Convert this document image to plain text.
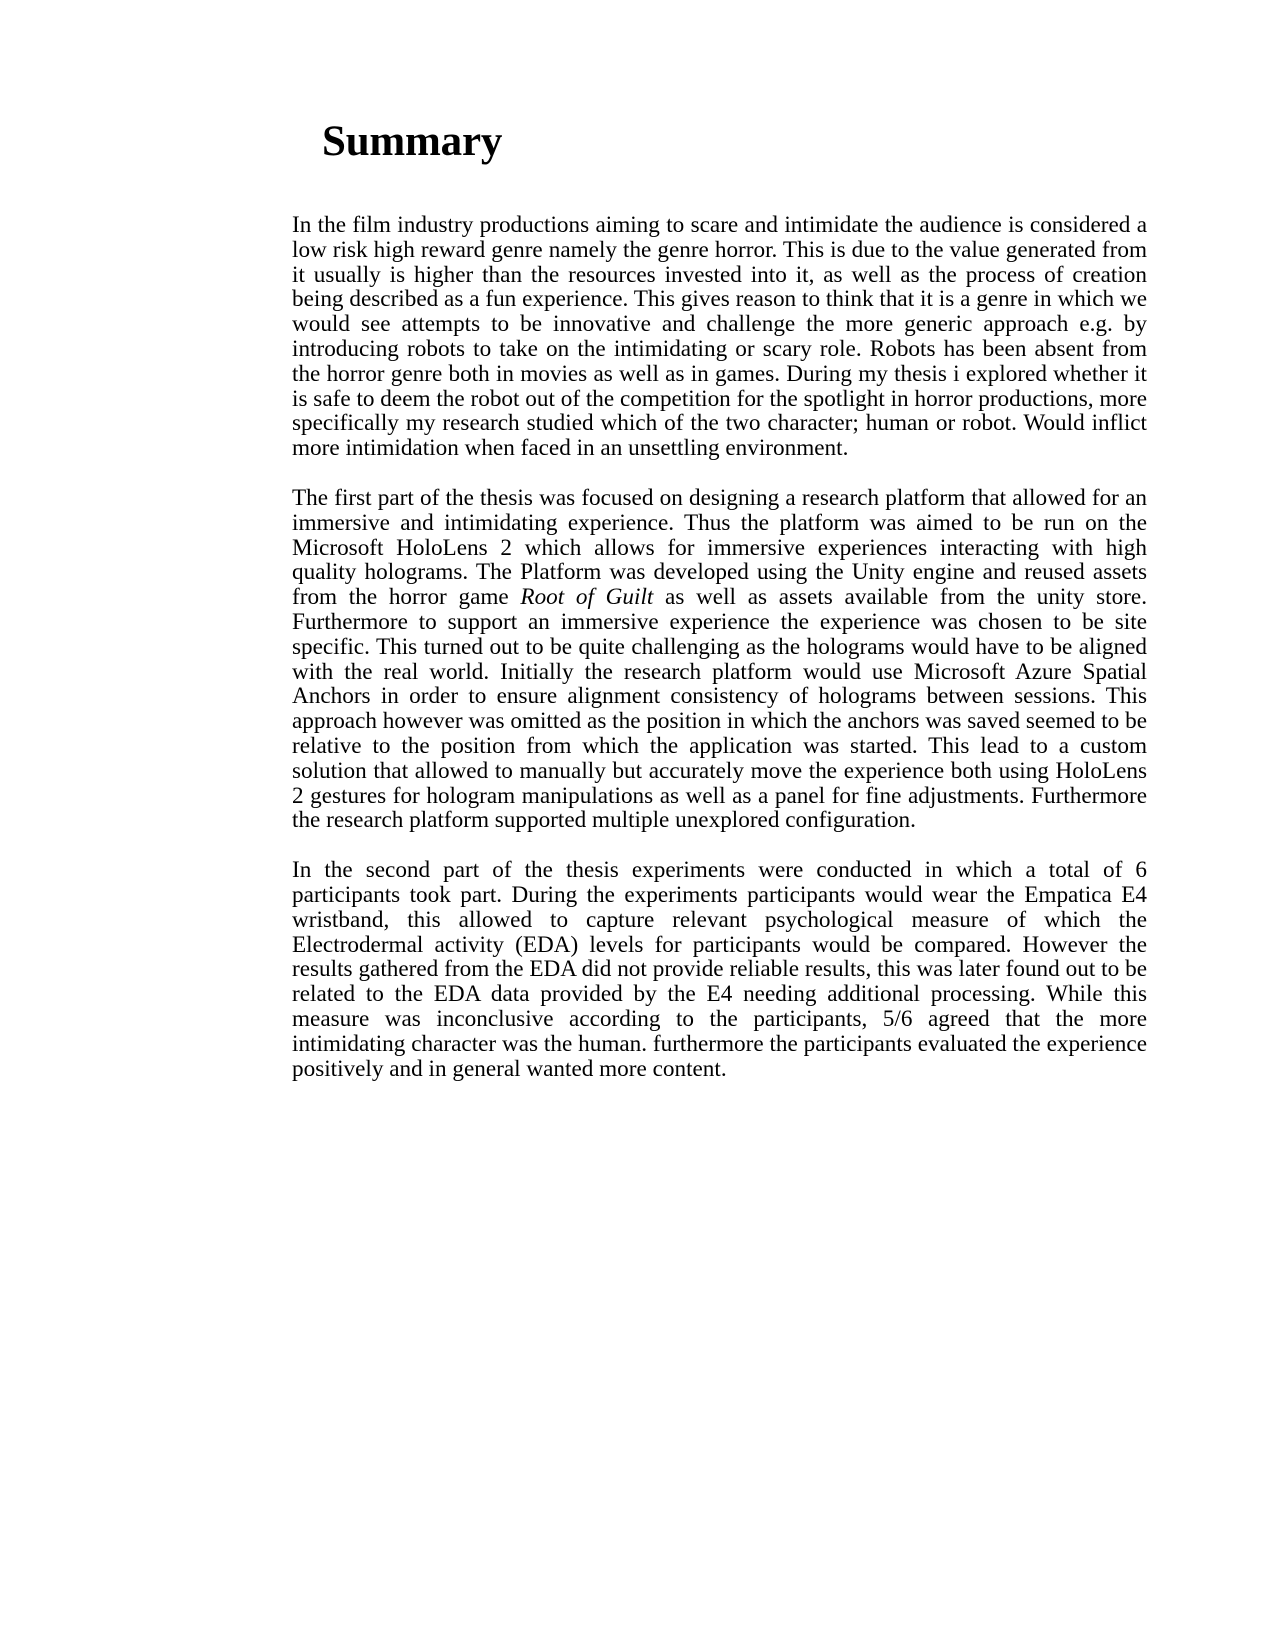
Summary

In the film industry productions aiming to scare and intimidate the audience is considered a low risk high reward genre namely the genre horror. This is due to the value generated from it usually is higher than the resources invested into it, as well as the process of creation being described as a fun experience. This gives reason to think that it is a genre in which we would see attempts to be innovative and challenge the more generic approach e.g. by introducing robots to take on the intimidating or scary role. Robots has been absent from the horror genre both in movies as well as in games. During my thesis i explored whether it is safe to deem the robot out of the competition for the spotlight in horror productions, more specifically my research studied which of the two character; human or robot. Would inflict more intimidation when faced in an unsettling environment.

The first part of the thesis was focused on designing a research platform that allowed for an immersive and intimidating experience. Thus the platform was aimed to be run on the Microsoft HoloLens 2 which allows for immersive experiences interacting with high quality holograms. The Platform was developed using the Unity engine and reused assets from the horror game Root of Guilt as well as assets available from the unity store. Furthermore to support an immersive experience the experience was chosen to be site specific. This turned out to be quite challenging as the holograms would have to be aligned with the real world. Initially the research platform would use Microsoft Azure Spatial Anchors in order to ensure alignment consistency of holograms between sessions. This approach however was omitted as the position in which the anchors was saved seemed to be relative to the position from which the application was started. This lead to a custom solution that allowed to manually but accurately move the experience both using HoloLens 2 gestures for hologram manipulations as well as a panel for fine adjustments. Furthermore the research platform supported multiple unexplored configuration.

In the second part of the thesis experiments were conducted in which a total of 6 participants took part. During the experiments participants would wear the Empatica E4 wristband, this allowed to capture relevant psychological measure of which the Electrodermal activity (EDA) levels for participants would be compared. However the results gathered from the EDA did not provide reliable results, this was later found out to be related to the EDA data provided by the E4 needing additional processing. While this measure was inconclusive according to the participants, 5/6 agreed that the more intimidating character was the human. furthermore the participants evaluated the experience positively and in general wanted more content.
